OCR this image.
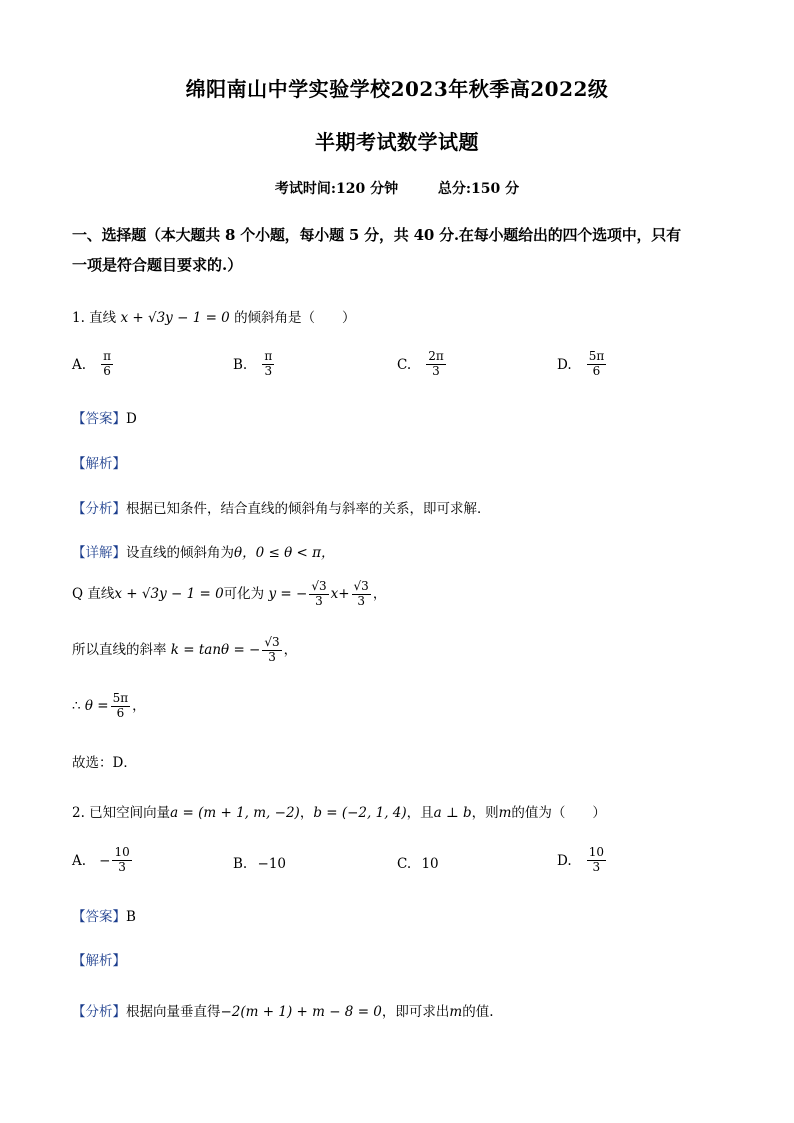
绵阳南山中学实验学校2023年秋季高2022级
半期考试数学试题
考试时间:120 分钟	总分:150 分
一、选择题（本大题共 8 个小题，每小题 5 分，共 40 分.在每小题给出的四个选项中，只有
一项是符合题目要求的.）
1. 直线 x + √3y − 1 = 0 的倾斜角是（　　）
A. $\frac{\pi}{6}$	B. $\frac{\pi}{3}$	C. $\frac{2\pi}{3}$	D. $\frac{5\pi}{6}$
【答案】D
【解析】
【分析】根据已知条件，结合直线的倾斜角与斜率的关系，即可求解．
【详解】设直线的倾斜角为θ，0 ≤ θ < π，
Q 直线x + √3y − 1 = 0可化为 y = − $\frac{√3}{3} x+ \frac{√3}{3}$ ，
所以直线的斜率 k = tanθ = − $\frac{√3}{3}$ ，
∴ $\theta = \frac{5\pi}{6}$ ，
故选：D．
2. 已知空间向量a = (m + 1, m, −2)，b = (−2, 1, 4)，且a ⊥ b，则m的值为（　　）
A. − $\frac{10}{3}$	B. −10	C. 10	D. $\frac{10}{3}$
【答案】B
【解析】
【分析】根据向量垂直得−2(m + 1) + m − 8 = 0，即可求出m的值.
